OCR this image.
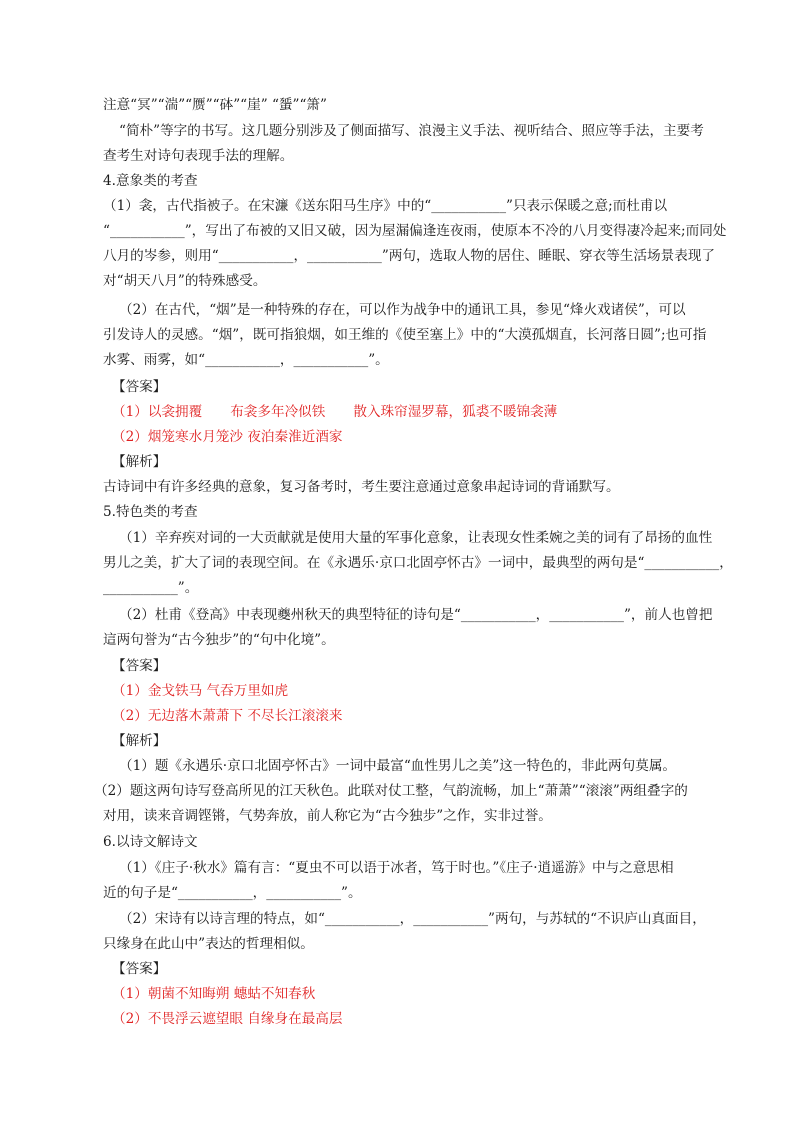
注意“冥”“湍”“赝”“砵”“崖” “蜑”“箫”
“简朴”等字的书写。这几题分别涉及了侧面描写、浪漫主义手法、视听结合、照应等手法，主要考
查考生对诗句表现手法的理解。
4.意象类的考查
（1）衾，古代指被子。在宋濂《送东阳马生序》中的“___________”只表示保暖之意;而杜甫以
“___________”，写出了布被的又旧又破，因为屋漏偏逢连夜雨，使原本不冷的八月变得凄冷起来;而同处
八月的岑参，则用“___________，___________”两句，选取人物的居住、睡眠、穿衣等生活场景表现了
对“胡天八月”的特殊感受。
（2）在古代，“烟”是一种特殊的存在，可以作为战争中的通讯工具，参见“烽火戏诸侯”，可以
引发诗人的灵感。“烟”，既可指狼烟，如王维的《使至塞上》中的“大漠孤烟直，长河落日圆”;也可指
水雾、雨雾，如“___________，___________”。
【答案】
（2）烟笼寒水月笼沙 夜泊秦淮近酒家
【解析】
古诗词中有许多经典的意象，复习备考时，考生要注意通过意象串起诗词的背诵默写。
5.特色类的考查
（1）辛弃疾对词的一大贡献就是使用大量的军事化意象，让表现女性柔婉之美的词有了昂扬的血性
男儿之美，扩大了词的表现空间。在《永遇乐·京口北固亭怀古》一词中，最典型的两句是“___________，
___________”。
（2）杜甫《登高》中表现夔州秋天的典型特征的诗句是“___________，___________”，前人也曾把
這两句誉为“古今独步”的“句中化境”。
【答案】
（1）金戈铁马 气吞万里如虎
（2）无边落木萧萧下 不尽长江滚滚来
【解析】
（1）题《永遇乐·京口北固亭怀古》一词中最富“血性男儿之美”这一特色的，非此两句莫属。
（2）题这两句诗写登高所见的江天秋色。此联对仗工整，气韵流畅，加上“萧萧”“滚滚”两组叠字的
对用，读来音调铿锵，气势奔放，前人称它为“古今独步”之作，实非过誉。
6.以诗文解诗文
（1）《庄子·秋水》篇有言：“夏虫不可以语于冰者，笃于时也。”《庄子·逍遥游》中与之意思相
近的句子是“___________，___________”。
（2）宋诗有以诗言理的特点，如“___________，___________”两句，与苏轼的“不识庐山真面目，
只缘身在此山中”表达的哲理相似。
【答案】
（1）朝菌不知晦朔 蟪蛄不知春秋
（2）不畏浮云遮望眼 自缘身在最高层
（1）以衾拥覆 布衾多年冷似铁 散入珠帘湿罗幕，狐裘不暖锦衾薄
